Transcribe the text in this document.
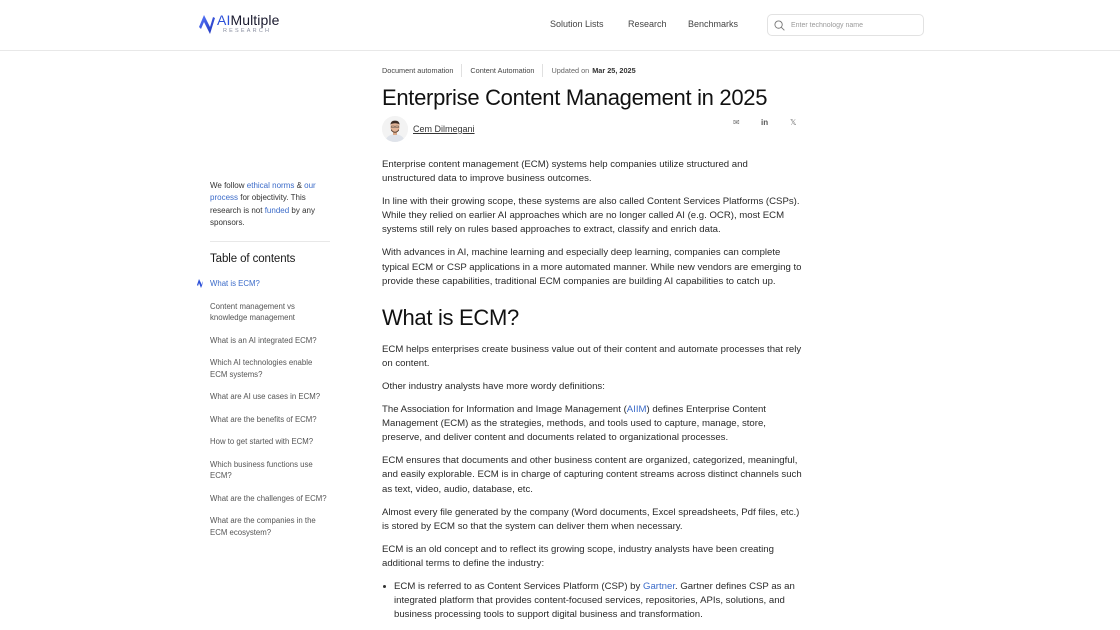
AIMultiple
RESEARCH
Solution Lists	Research Benchmarks
Enter technology name
We follow ethical norms & our process for objectivity. This research is not funded by any sponsors.
Table of contents
What is ECM?
Content management vs knowledge management
What is an AI integrated ECM?
Which AI technologies enable ECM systems?
What are AI use cases in ECM?
What are the benefits of ECM?
How to get started with ECM?
Which business functions use ECM?
What are the challenges of ECM?
What are the companies in the ECM ecosystem?
Document automation Content Automation Updated on Mar 25, 2025
Enterprise Content Management in 2025
Cem Dilmegani
✉	in	𝕏

Enterprise content management (ECM) systems help companies utilize structured and unstructured data to improve business outcomes.

In line with their growing scope, these systems are also called Content Services Platforms (CSPs). While they relied on earlier AI approaches which are no longer called AI (e.g. OCR), most ECM systems still rely on rules based approaches to extract, classify and enrich data.

With advances in AI, machine learning and especially deep learning, companies can complete typical ECM or CSP applications in a more automated manner. While new vendors are emerging to provide these capabilities, traditional ECM companies are building AI capabilities to catch up.

What is ECM?

ECM helps enterprises create business value out of their content and automate processes that rely on content.

Other industry analysts have more wordy definitions:

The Association for Information and Image Management (AIIM) defines Enterprise Content Management (ECM) as the strategies, methods, and tools used to capture, manage, store, preserve, and deliver content and documents related to organizational processes.

ECM ensures that documents and other business content are organized, categorized, meaningful, and easily explorable. ECM is in charge of capturing content streams across distinct channels such as text, video, audio, database, etc.

Almost every file generated by the company (Word documents, Excel spreadsheets, Pdf files, etc.) is stored by ECM so that the system can deliver them when necessary.

ECM is an old concept and to reflect its growing scope, industry analysts have been creating additional terms to define the industry:

ECM is referred to as Content Services Platform (CSP) by Gartner. Gartner defines CSP as an integrated platform that provides content-focused services, repositories, APIs, solutions, and business processing tools to support digital business and transformation.
